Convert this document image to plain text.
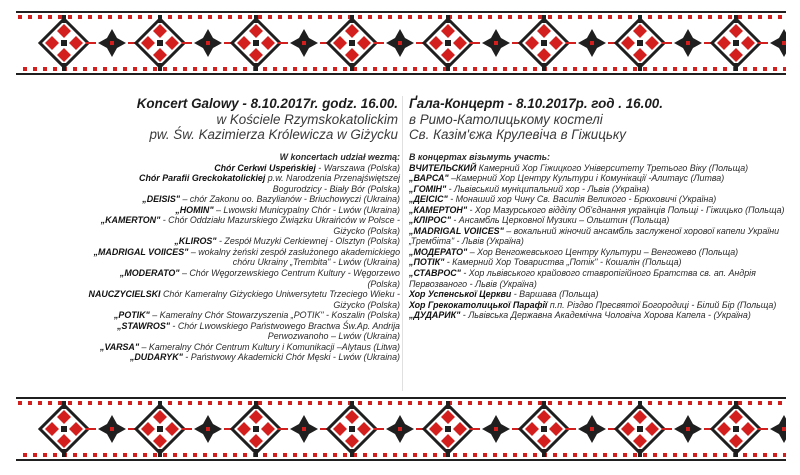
Koncert Galowy - 8.10.2017r. godz. 16.00.
w Kościele Rzymskokatolickim
pw. Św. Kazimierza Królewicza w Giżycku
Ґала-Концерт - 8.10.2017р. год . 16.00.
в Римо-Католицькому костелі
Св. Казім'єжа Крулевіча в Гіжицьку

W koncertach udział wezmą:

Chór Cerkwi Uspeńskiej - Warszawa (Polska)

Chór Parafii Greckokatolickiej p.w. Narodzenia Przenajświętszej Bogurodzicy - Biały Bór (Polska)

„DEISIS" – chór Zakonu oo. Bazylianów - Briuchowyczi (Ukraina)

„HOMIN" – Lwowski Municypalny Chór - Lwów (Ukraina)

„KAMERTON" - Chór Oddziału Mazurskiego Związku Ukraińców w Polsce - Giżycko (Polska)

„KLIROS" - Zespół Muzyki Cerkiewnej - Olsztyn (Polska)

„MADRIGAL VOIICES" – wokalny żeński zespół zasłużonego akademickiego chóru Ukrainy „Trembita" - Lwów (Ukraina)

„MODERATO" – Chór Węgorzewskiego Centrum Kultury - Węgorzewo (Polska)

NAUCZYCIELSKI Chór Kameralny Giżyckiego Uniwersytetu Trzeciego Wieku - Giżycko (Polska)

„POTIK" – Kameralny Chór Stowarzyszenia „POTIK" - Koszalin (Polska)

„STAWROS" - Chór Lwowskiego Państwowego Bractwa Św.Ap. Andrija Perwozwanoho – Lwów (Ukraina)

„VARSA" – Kameralny Chór Centrum Kultury i Komunikacji –Alytaus (Litwa)

„DUDARYK" - Państwowy Akademicki Chór Męski - Lwów (Ukraina)

В концертах візьмуть участь:

ВЧИТЕЛЬСКИЙ Камерний Хор Гіжицкого Університету Третього Віку (Польща)

„ВАРСА" –Камерний Хор Центру Культури і Комунікації -Алитаус (Литва)

„ГОМІН" - Львівський муніципальний хор - Львів (Україна)

„ДЕІСІС" - Монаший хор Чину Св. Василія Великого - Брюховичі (Україна)

„КАМЕРТОН" - Хор Мазурського відділу Об'єднання українців Польщі - Гіжицько (Польща)

„КЛІРОС" - Ансамбль Церковної Музики – Ольштин (Польща)

„MADRIGAL VOIICES" – вокальний жіночий ансамбль заслуженої хорової капели України „Трембіта" - Львів (Україна)

„МОДЕРАТО" – Хор Венгожевського Центру Культури – Венгожево (Польща)

„ПОТІК" - Камерний Хор Товариства „Потік" - Кошалін (Польща)

„СТАВРОС" - Хор львівського крайового ставропігійного Братства св. ап. Андрія Первозваного - Львів (Україна)

Хор Успенської Церкви - Варшава (Польща)

Хор Грекокатолицької Парафії п.п. Різдво Пресвятої Богородиці - Білий Бір (Польща)

„ДУДАРИК" - Львівська Державна Академічна Чоловіча Хорова Капела - (Україна)
